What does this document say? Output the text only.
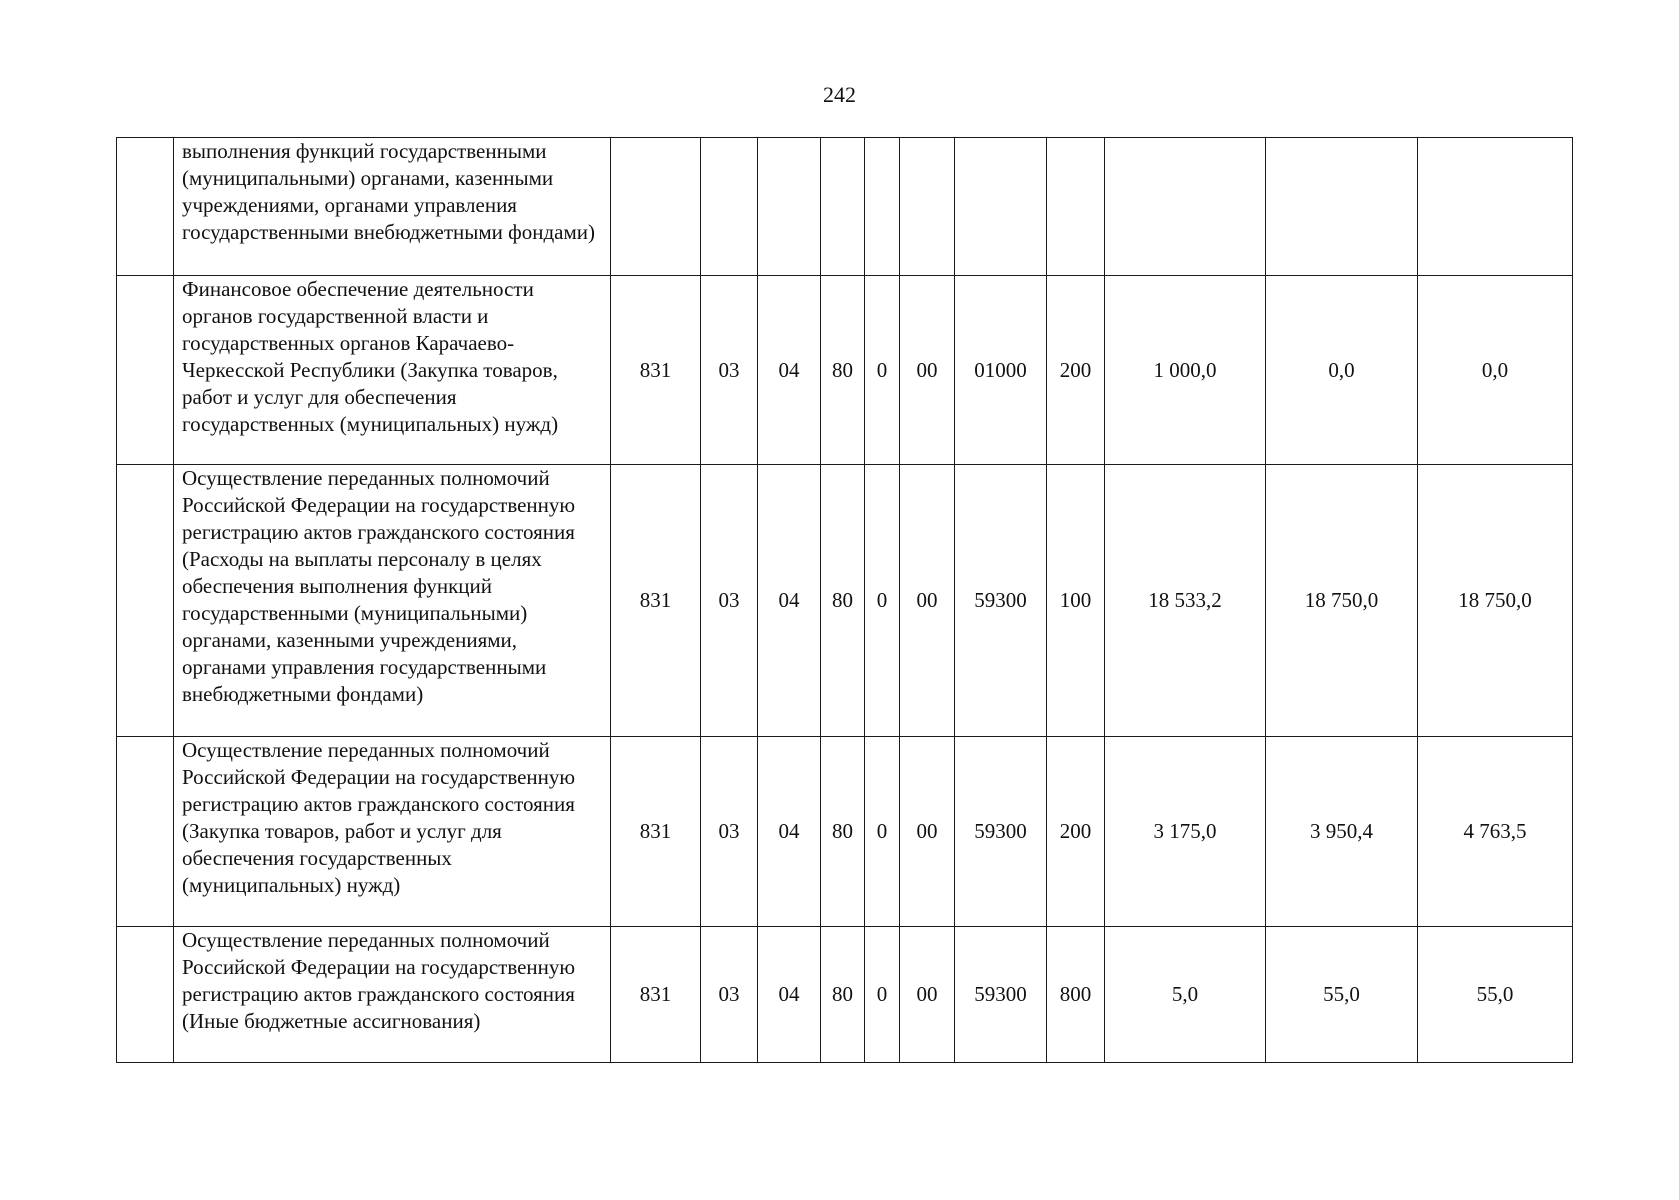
242
	выполнения функций государственными (муниципальными) органами, казенными учреждениями, органами управления государственными внебюджетными фондами)											
	Финансовое обеспечение деятельности органов государственной власти и государственных органов Карачаево-Черкесской Республики (Закупка товаров, работ и услуг для обеспечения государственных (муниципальных) нужд)	831	03	04	80	0	00	01000	200	1 000,0	0,0	0,0
	Осуществление переданных полномочий Российской Федерации на государственную регистрацию актов гражданского состояния (Расходы на выплаты персоналу в целях обеспечения выполнения функций государственными (муниципальными) органами, казенными учреждениями, органами управления государственными внебюджетными фондами)	831	03	04	80	0	00	59300	100	18 533,2	18 750,0	18 750,0
	Осуществление переданных полномочий Российской Федерации на государственную регистрацию актов гражданского состояния (Закупка товаров, работ и услуг для обеспечения государственных (муниципальных) нужд)	831	03	04	80	0	00	59300	200	3 175,0	3 950,4	4 763,5
	Осуществление переданных полномочий Российской Федерации на государственную регистрацию актов гражданского состояния (Иные бюджетные ассигнования)	831	03	04	80	0	00	59300	800	5,0	55,0	55,0
